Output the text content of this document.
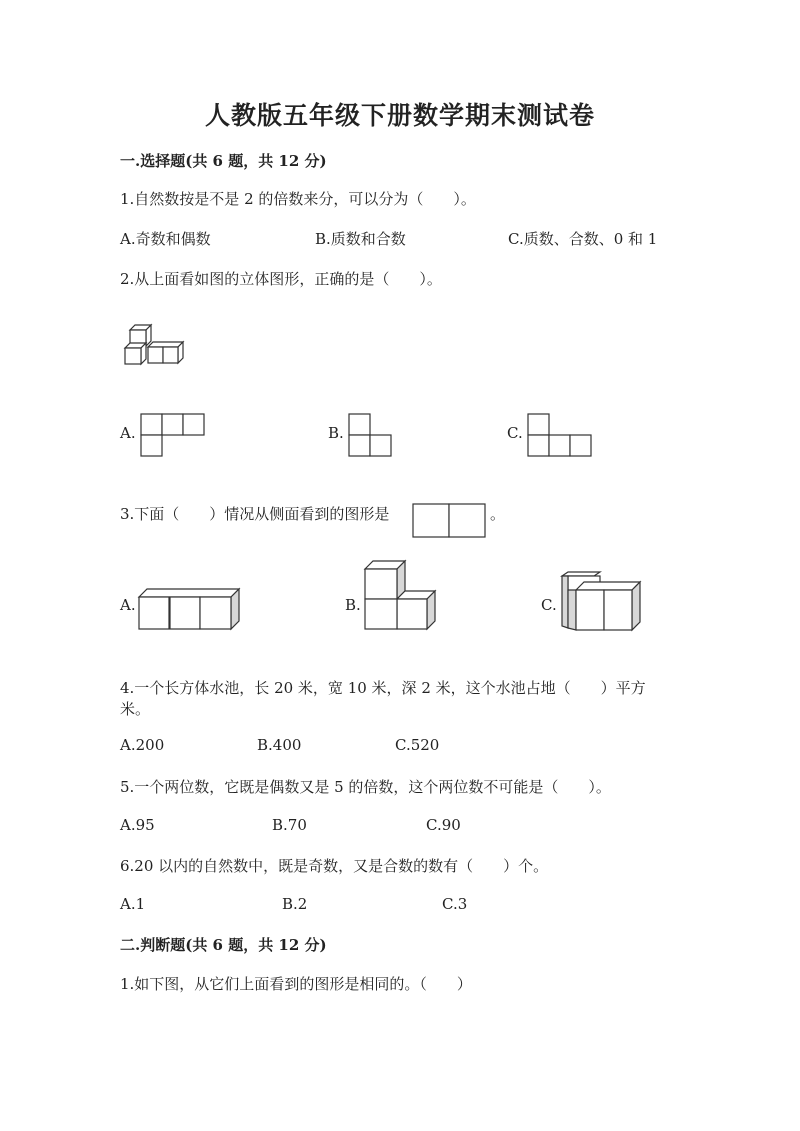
人教版五年级下册数学期末测试卷
一.选择题(共 6 题，共 12 分)
1.自然数按是不是 2 的倍数来分，可以分为（　　）。
A.奇数和偶数	B.质数和合数	C.质数、合数、0 和 1
2.从上面看如图的立体图形，正确的是（　　）。
A.	B.	C.
3.下面（　　）情况从侧面看到的图形是	。
A.	B.	C.
4.一个长方体水池，长 20 米，宽 10 米，深 2 米，这个水池占地（　　）平方
米。
A.200	B.400	C.520
5.一个两位数，它既是偶数又是 5 的倍数，这个两位数不可能是（　　）。
A.95	B.70	C.90
6.20 以内的自然数中，既是奇数，又是合数的数有（　　）个。
A.1	B.2	C.3
二.判断题(共 6 题，共 12 分)
1.如下图，从它们上面看到的图形是相同的。（　　）
